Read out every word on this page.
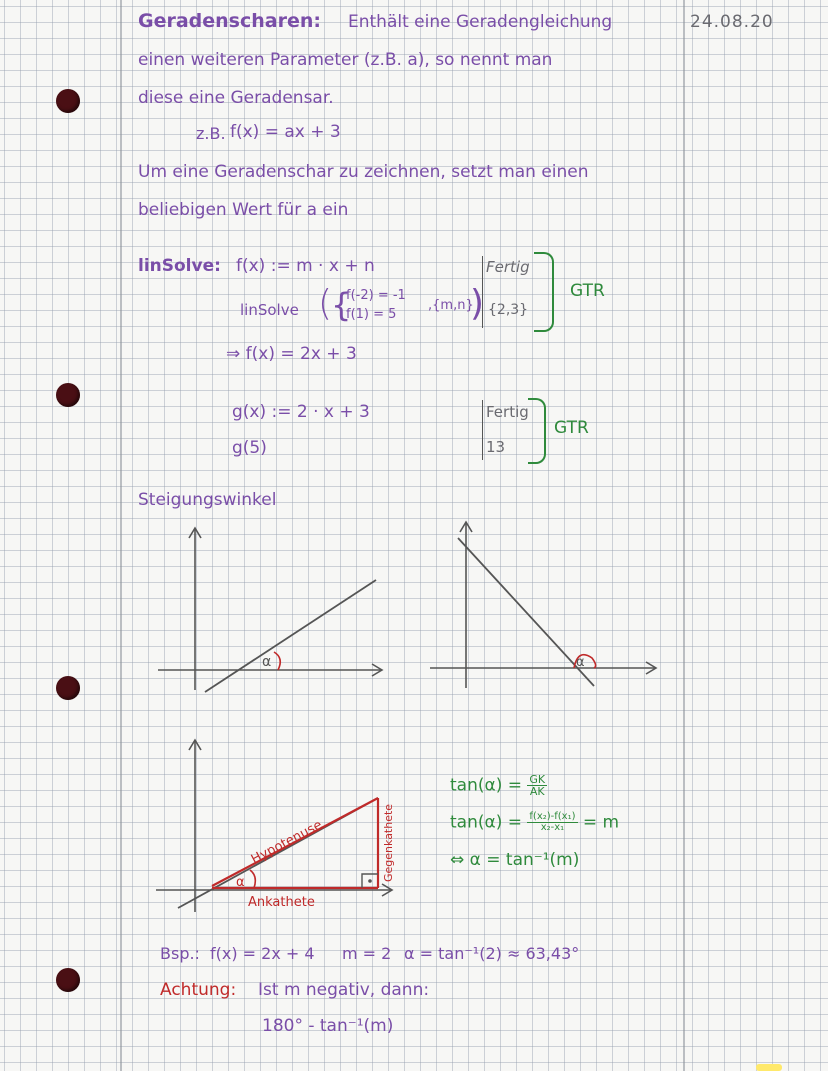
24.08.20
Geradenscharen: Enthält eine Geradengleichung
einen weiteren Parameter (z.B. a), so nennt man
diese eine Geradensar.
z.B. f(x) = ax + 3
Um eine Geradenschar zu zeichnen, setzt man einen
beliebigen Wert für a ein
linSolve: f(x) := m · x + n
linSolve (
{
f(-2) = -1
f(1) = 5
,{m,n}
)
Fertig
{2,3}
GTR
⇒ f(x) = 2x + 3
g(x) := 2 · x + 3
g(5)
Fertig
13
GTR
Steigungswinkel
α	α
α
Hypotenuse	Gegenkathete
Ankathete
$\tan(\alpha) = \frac{GK}{AK}$
$\tan(\alpha) = \frac{\text{f(x₂)-f(x₁)}}{\text{x₂-x₁}} = m$
⇔ α = tan⁻¹(m)
Bsp.: f(x) = 2x + 4 m = 2 α = tan⁻¹(2) ≈ 63,43°
Achtung: Ist m negativ, dann:
180° - tan⁻¹(m)
